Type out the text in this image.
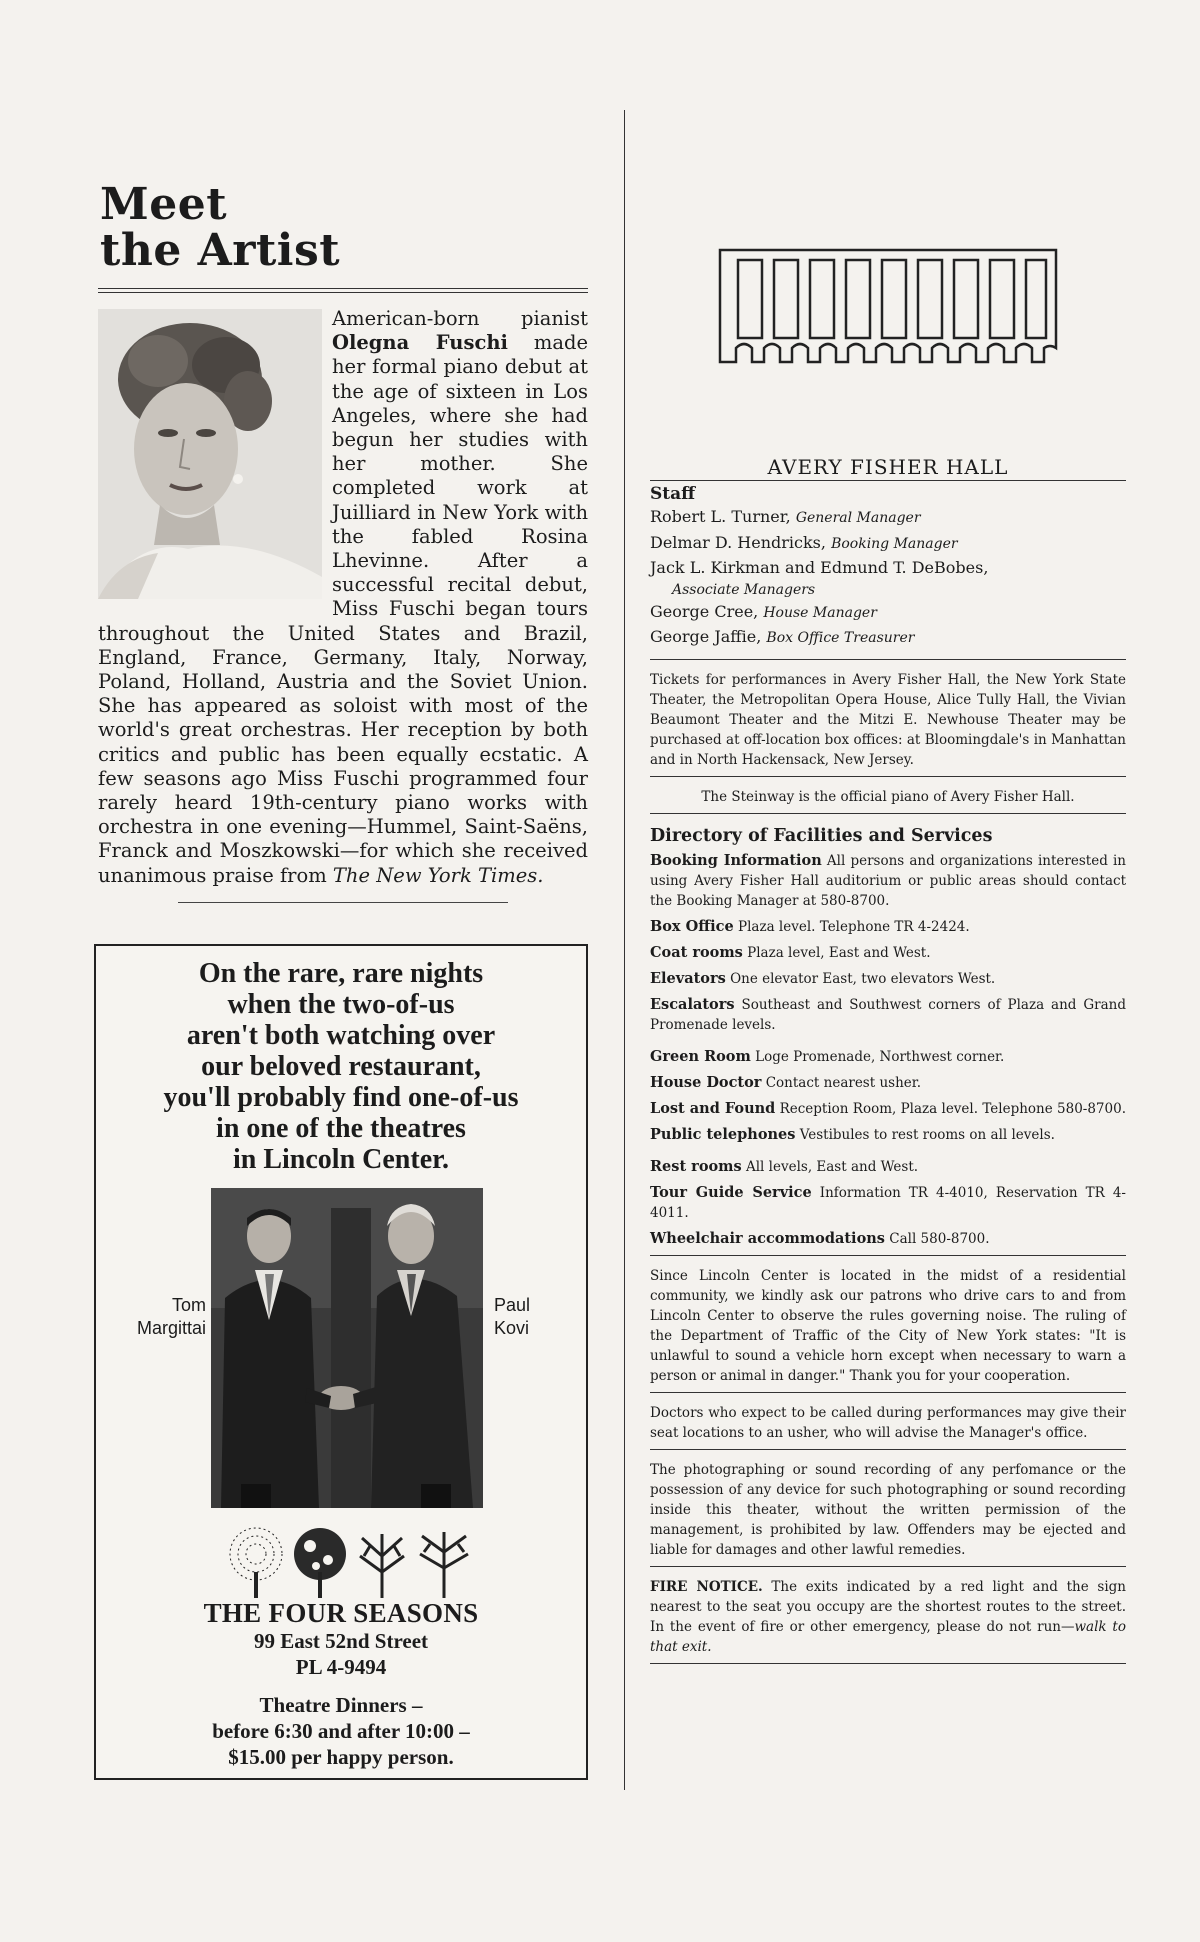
Meet
the Artist
American-born pianist Olegna Fuschi made her formal piano debut at the age of sixteen in Los Angeles, where she had begun her studies with her mother. She completed work at Juilliard in New York with the fabled Rosina Lhevinne. After a successful recital debut, Miss Fuschi began tours throughout the United States and Brazil, England, France, Germany, Italy, Norway, Poland, Holland, Austria and the Soviet Union. She has appeared as soloist with most of the world's great orchestras. Her reception by both critics and public has been equally ecstatic. A few seasons ago Miss Fuschi programmed four rarely heard 19th-century piano works with orchestra in one evening—Hummel, Saint-Saëns, Franck and Moszkowski—for which she received unanimous praise from The New York Times.
On the rare, rare nights
when the two-of-us
aren't both watching over
our beloved restaurant,
you'll probably find one-of-us
in one of the theatres
in Lincoln Center.
Tom
Margittai
Paul
Kovi
THE FOUR SEASONS
99 East 52nd Street
PL 4-9494
Theatre Dinners –
before 6:30 and after 10:00 –
$15.00 per happy person.
AVERY FISHER HALL
Staff
Robert L. Turner, General Manager
Delmar D. Hendricks, Booking Manager
Jack L. Kirkman and Edmund T. DeBobes,
Associate Managers
George Cree, House Manager
George Jaffie, Box Office Treasurer
Tickets for performances in Avery Fisher Hall, the New York State Theater, the Metropolitan Opera House, Alice Tully Hall, the Vivian Beaumont Theater and the Mitzi E. Newhouse Theater may be purchased at off-location box offices: at Bloomingdale's in Manhattan and in North Hackensack, New Jersey.
The Steinway is the official piano of Avery Fisher Hall.
Directory of Facilities and Services
Booking Information All persons and organizations interested in using Avery Fisher Hall auditorium or public areas should contact the Booking Manager at 580-8700.
Box Office Plaza level. Telephone TR 4-2424.
Coat rooms Plaza level, East and West.
Elevators One elevator East, two elevators West.
Escalators Southeast and Southwest corners of Plaza and Grand Promenade levels.
Green Room Loge Promenade, Northwest corner.
House Doctor Contact nearest usher.
Lost and Found Reception Room, Plaza level. Telephone 580-8700.
Public telephones Vestibules to rest rooms on all levels.
Rest rooms All levels, East and West.
Tour Guide Service Information TR 4-4010, Reservation TR 4-4011.
Wheelchair accommodations Call 580-8700.
Since Lincoln Center is located in the midst of a residential community, we kindly ask our patrons who drive cars to and from Lincoln Center to observe the rules governing noise. The ruling of the Department of Traffic of the City of New York states: "It is unlawful to sound a vehicle horn except when necessary to warn a person or animal in danger." Thank you for your cooperation.
Doctors who expect to be called during performances may give their seat locations to an usher, who will advise the Manager's office.
The photographing or sound recording of any perfomance or the possession of any device for such photographing or sound recording inside this theater, without the written permission of the management, is prohibited by law. Offenders may be ejected and liable for damages and other lawful remedies.
FIRE NOTICE. The exits indicated by a red light and the sign nearest to the seat you occupy are the shortest routes to the street. In the event of fire or other emergency, please do not run—walk to that exit.
